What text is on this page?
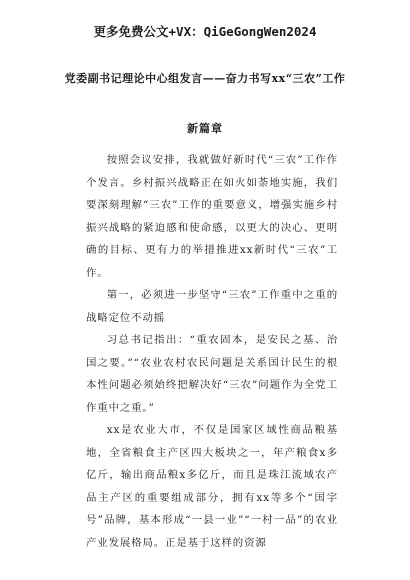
更多免费公文+VX：QiGeGongWen2024
党委副书记理论中心组发言——奋力书写xx“三农”工作
新篇章

按照会议安排，我就做好新时代“三农”工作作个发言。乡村振兴战略正在如火如荼地实施，我们要深刻理解“三农”工作的重要意义，增强实施乡村振兴战略的紧迫感和使命感，以更大的决心、更明确的目标、更有力的举措推进xx新时代“三农”工作。

第一，必须进一步坚守“三农”工作重中之重的战略定位不动摇

习总书记指出：“重农固本，是安民之基、治国之要。”“农业农村农民问题是关系国计民生的根本性问题必须始终把解决好“三农”问题作为全党工作重中之重。”

xx是农业大市，不仅是国家区域性商品粮基地，全省粮食主产区四大板块之一，年产粮食x多亿斤，输出商品粮x多亿斤，而且是珠江流域农产品主产区的重要组成部分，拥有xx等多个“国字号”品牌，基本形成“一县一业”“一村一品”的农业产业发展格局。正是基于这样的资源
